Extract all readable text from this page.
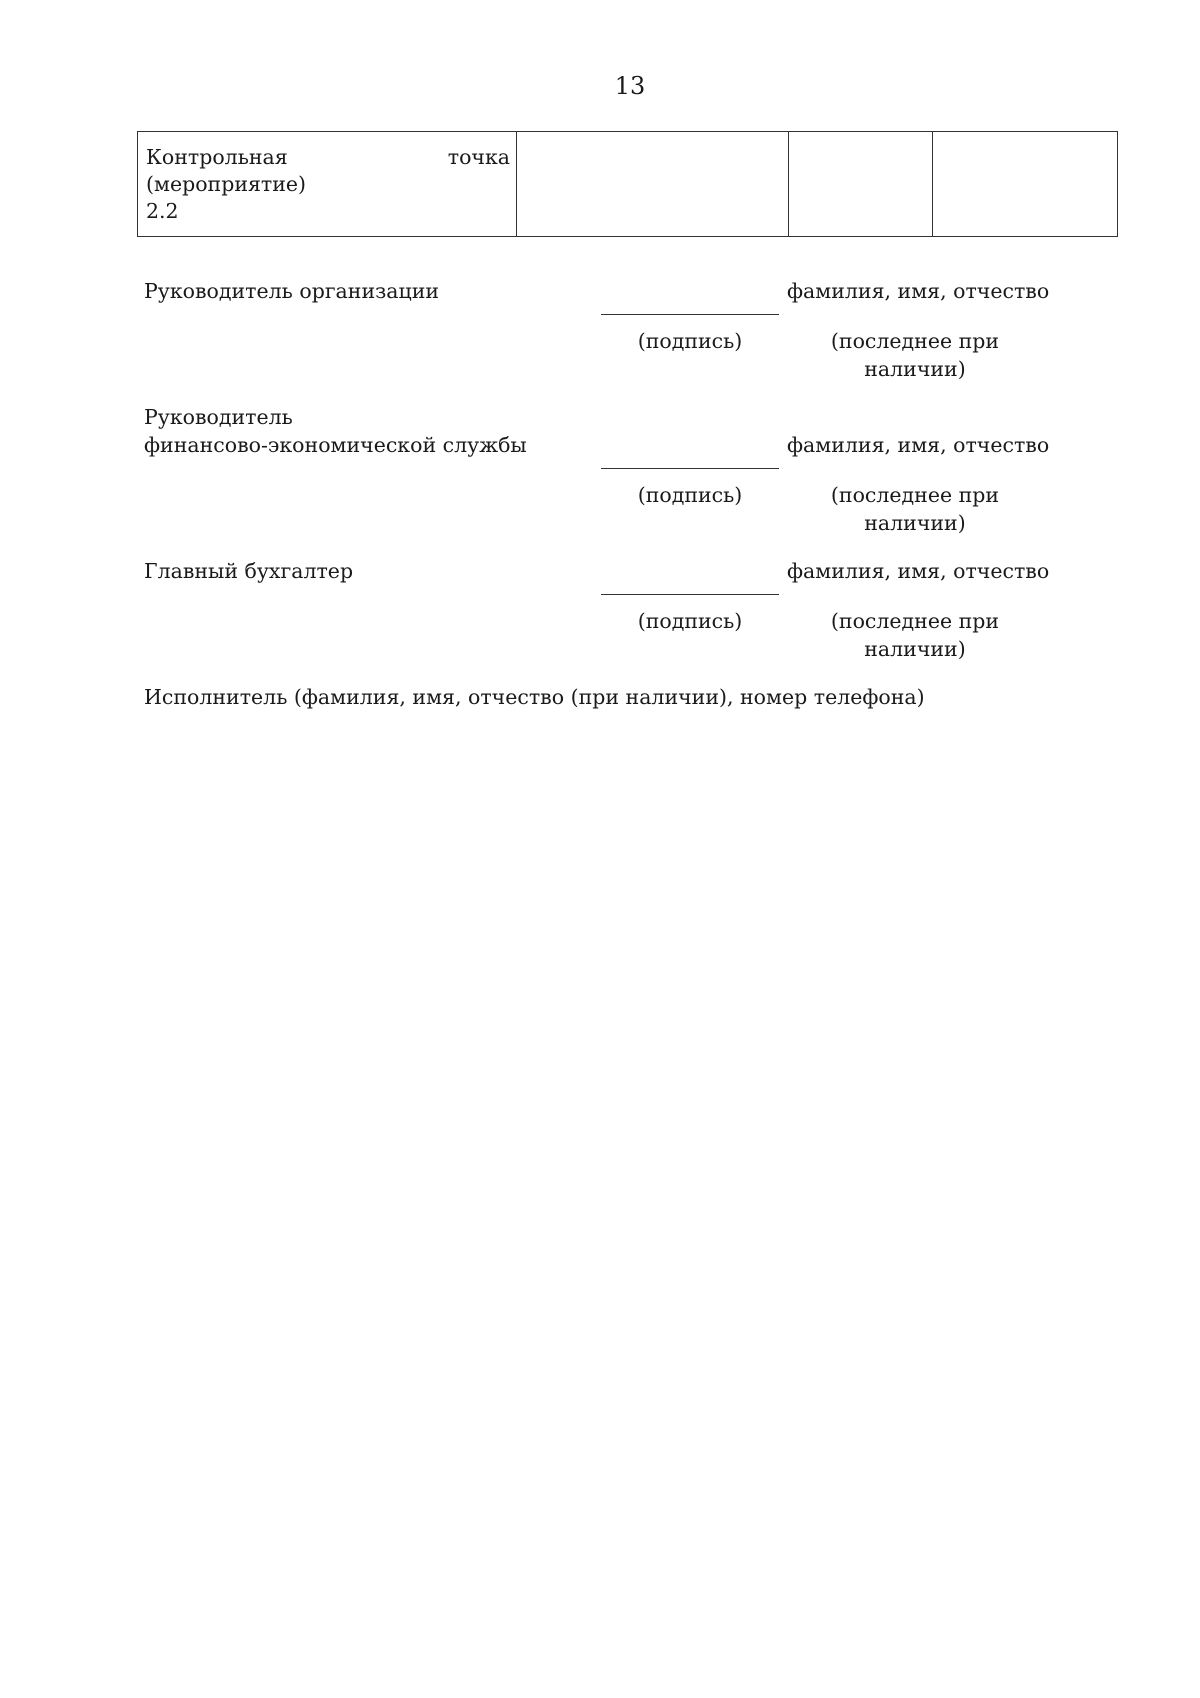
13
Контрольная точка (мероприятие)
2.2

Руководитель организации	фамилия, имя, отчество
(подпись)	(последнее при
наличии)
Руководитель
финансово-экономической службы	фамилия, имя, отчество
(подпись)	(последнее при
наличии)
Главный бухгалтер	фамилия, имя, отчество
(подпись)	(последнее при
наличии)
Исполнитель (фамилия, имя, отчество (при наличии), номер телефона)
